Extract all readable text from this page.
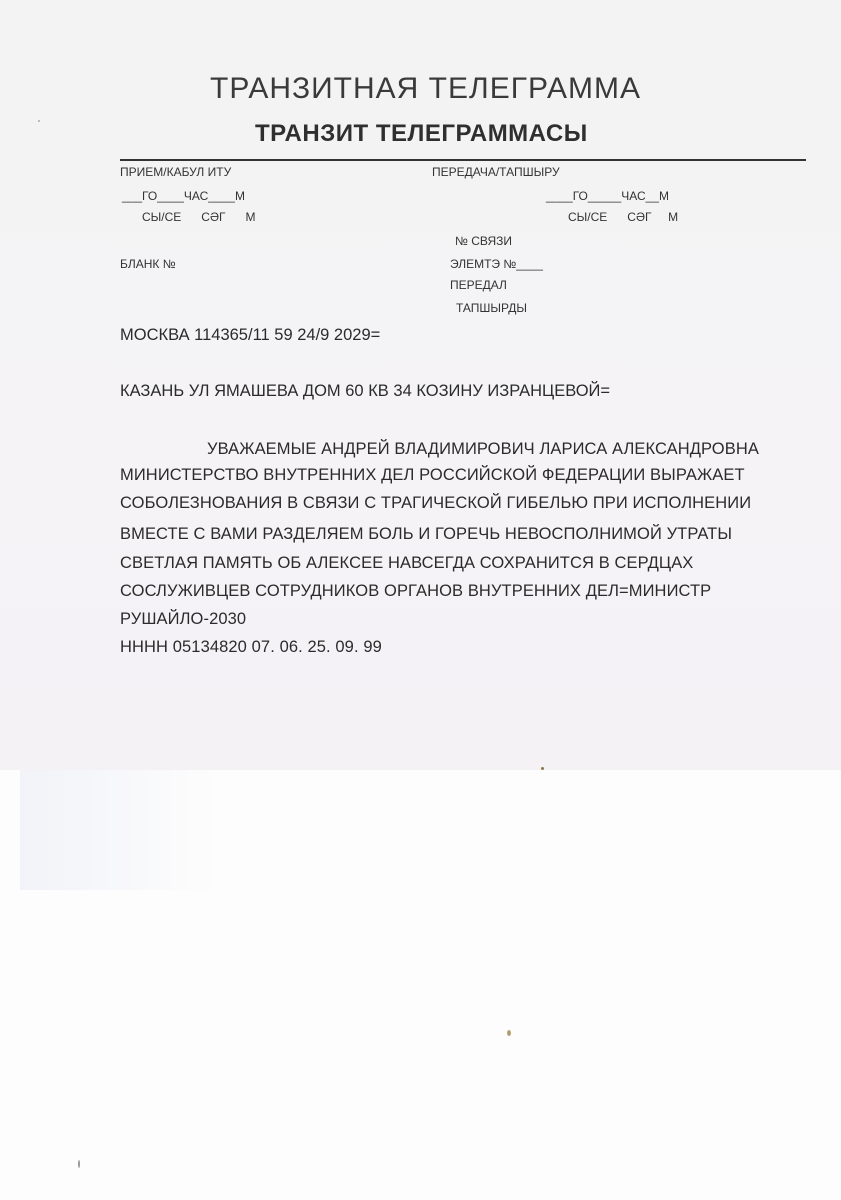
ТРАНЗИТНАЯ ТЕЛЕГРАММА
ТРАНЗИТ ТЕЛЕГРАММАСЫ
ПРИЕМ/КАБУЛ ИТУ
___ГО____ЧАС____М
СЫ/СЕ      СӘГ      М
ПЕРЕДАЧА/ТАПШЫРУ
____ГО_____ЧАС__М
СЫ/СЕ      СӘГ     М
№ СВЯЗИ
БЛАНК №	ЭЛЕМТЭ №____
ПЕРЕДАЛ
ТАПШЫРДЫ
МОСКВА 114365/11 59 24/9 2029=
КАЗАНЬ УЛ ЯМАШЕВА ДОМ 60 КВ 34 КОЗИНУ ИЗРАНЦЕВОЙ=
УВАЖАЕМЫЕ АНДРЕЙ ВЛАДИМИРОВИЧ ЛАРИСА АЛЕКСАНДРОВНА
МИНИСТЕРСТВО ВНУТРЕННИХ ДЕЛ РОССИЙСКОЙ ФЕДЕРАЦИИ ВЫРАЖАЕТ
СОБОЛЕЗНОВАНИЯ В СВЯЗИ С ТРАГИЧЕСКОЙ ГИБЕЛЬЮ ПРИ ИСПОЛНЕНИИ
ВМЕСТЕ С ВАМИ РАЗДЕЛЯЕМ БОЛЬ И ГОРЕЧЬ НЕВОСПОЛНИМОЙ УТРАТЫ
СВЕТЛАЯ ПАМЯТЬ ОБ АЛЕКСЕЕ НАВСЕГДА СОХРАНИТСЯ В СЕРДЦАХ
СОСЛУЖИВЦЕВ СОТРУДНИКОВ ОРГАНОВ ВНУТРЕННИХ ДЕЛ=МИНИСТР
РУШАЙЛО-2030
НННН 05134820 07. 06. 25. 09. 99
